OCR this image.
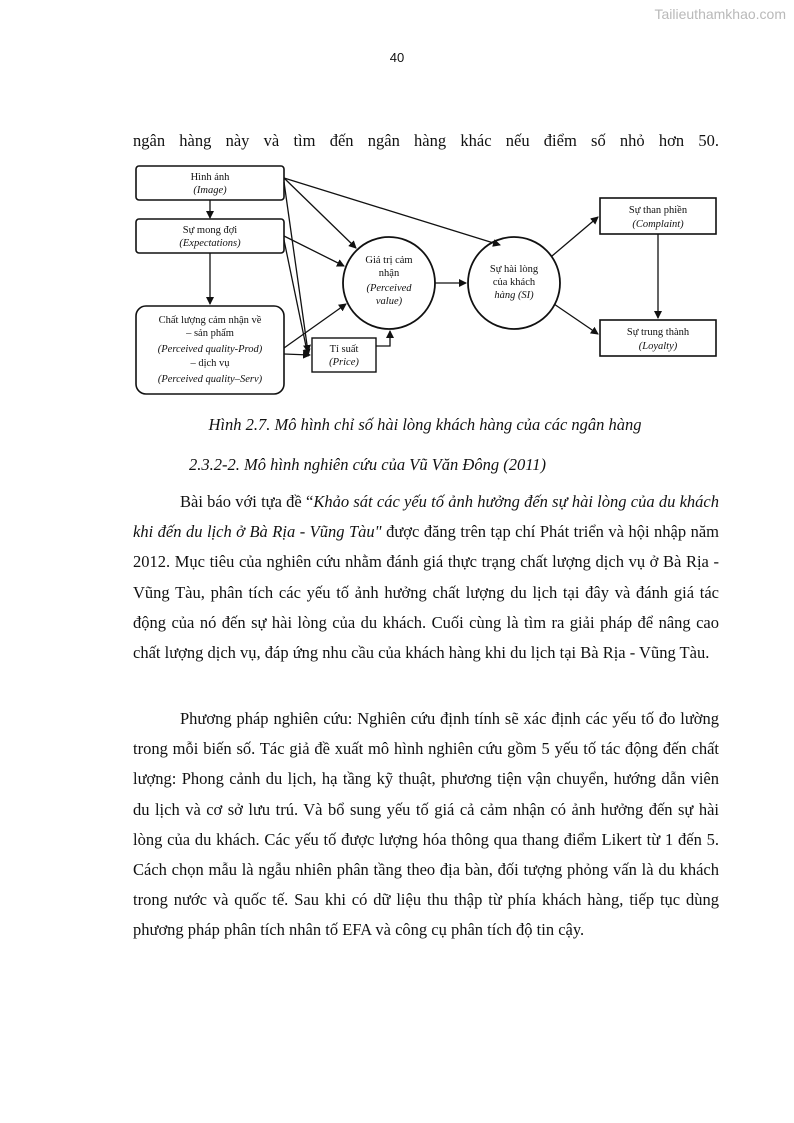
Tailieuthamkhao.com
40
ngân hàng này và tìm đến ngân hàng khác nếu điểm số nhỏ hơn 50.
Hình ảnh
(Image)
Sự mong đợi
(Expectations)
Chất lượng cảm nhận về
– sản phẩm
(Perceived quality-Prod)
– dịch vụ
(Perceived quality–Serv)
Tỉ suất
(Price)
Giá trị cảm
nhận
(Perceived
value)
Sự hài lòng
của khách
hàng (SI)
Sự than phiền
(Complaint)
Sự trung thành
(Loyalty)
Hình 2.7. Mô hình chỉ số hài lòng khách hàng của các ngân hàng
2.3.2-2. Mô hình nghiên cứu của Vũ Văn Đông (2011)
Bài báo với tựa đề “Khảo sát các yếu tố ảnh hưởng đến sự hài lòng của du khách khi đến du lịch ở Bà Rịa - Vũng Tàu" được đăng trên tạp chí Phát triển và hội nhập năm 2012. Mục tiêu của nghiên cứu nhằm đánh giá thực trạng chất lượng dịch vụ ở Bà Rịa - Vũng Tàu, phân tích các yếu tố ảnh hưởng chất lượng du lịch tại đây và đánh giá tác động của nó đến sự hài lòng của du khách. Cuối cùng là tìm ra giải pháp để nâng cao chất lượng dịch vụ, đáp ứng nhu cầu của khách hàng khi du lịch tại Bà Rịa - Vũng Tàu.
Phương pháp nghiên cứu: Nghiên cứu định tính sẽ xác định các yếu tố đo lường trong mỗi biến số. Tác giả đề xuất mô hình nghiên cứu gồm 5 yếu tố tác động đến chất lượng: Phong cảnh du lịch, hạ tầng kỹ thuật, phương tiện vận chuyển, hướng dẫn viên du lịch và cơ sở lưu trú. Và bổ sung yếu tố giá cả cảm nhận có ảnh hưởng đến sự hài lòng của du khách. Các yếu tố được lượng hóa thông qua thang điểm Likert từ 1 đến 5. Cách chọn mẫu là ngẫu nhiên phân tầng theo địa bàn, đối tượng phỏng vấn là du khách trong nước và quốc tế. Sau khi có dữ liệu thu thập từ phía khách hàng, tiếp tục dùng phương pháp phân tích nhân tố EFA và công cụ phân tích độ tin cậy.
